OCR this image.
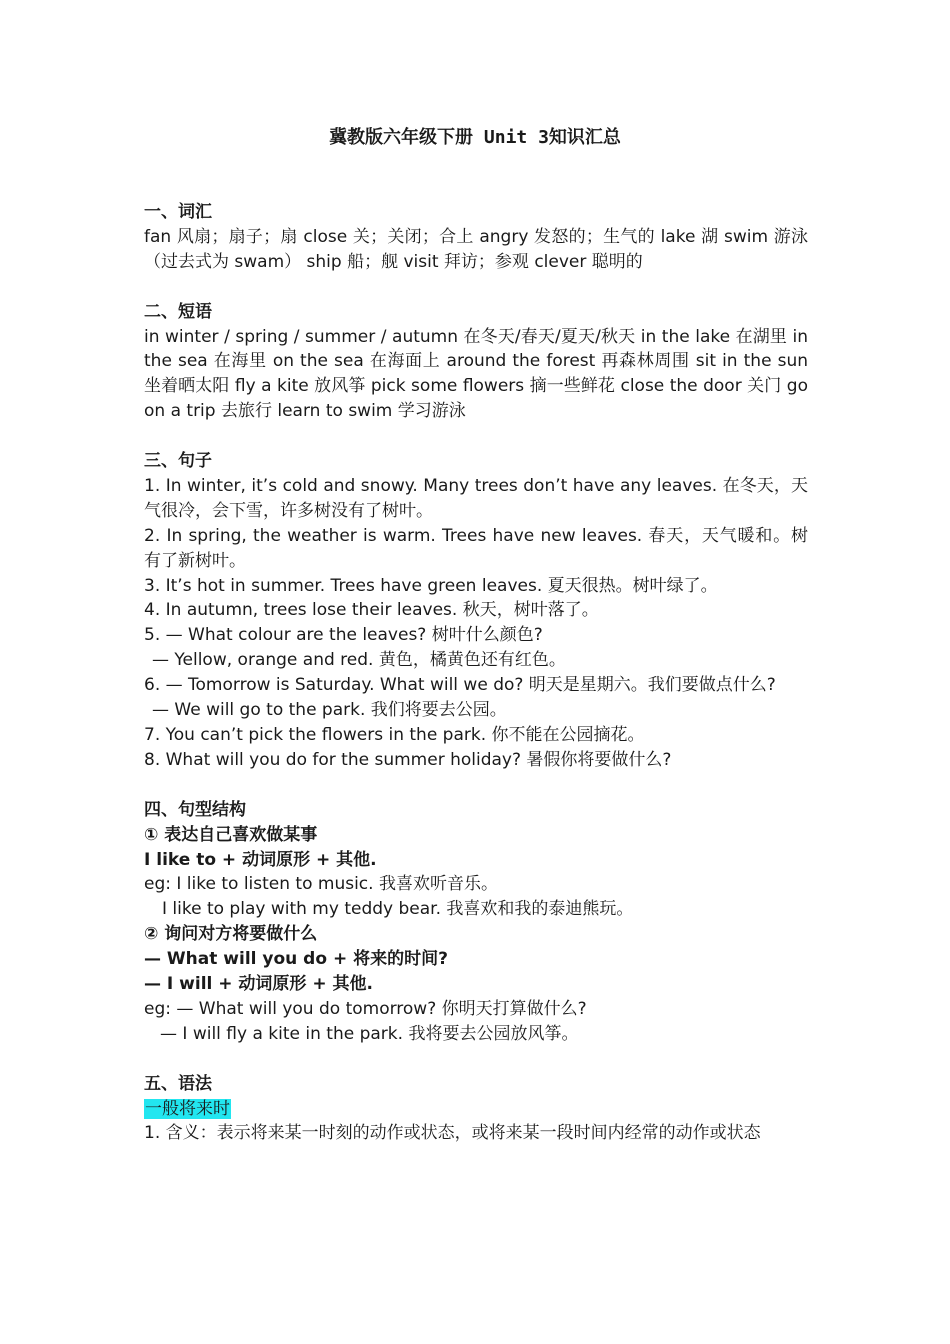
冀教版六年级下册 Unit 3知识汇总
一、词汇
fan 风扇；扇子；扇 close 关；关闭；合上 angry 发怒的；生气的 lake 湖 swim 游泳（过去式为 swam） ship 船；舰 visit 拜访；参观 clever 聪明的
二、短语
in winter / spring / summer / autumn 在冬天/春天/夏天/秋天 in the lake 在湖里 in the sea 在海里 on the sea 在海面上 around the forest 再森林周围 sit in the sun 坐着晒太阳 fly a kite 放风筝 pick some flowers 摘一些鲜花 close the door 关门 go on a trip 去旅行 learn to swim 学习游泳
三、句子
1. In winter, it’s cold and snowy. Many trees don’t have any leaves. 在冬天，天气很冷，会下雪，许多树没有了树叶。
2. In spring, the weather is warm. Trees have new leaves. 春天，天气暖和。树有了新树叶。
3. It’s hot in summer. Trees have green leaves. 夏天很热。树叶绿了。
4. In autumn, trees lose their leaves. 秋天，树叶落了。
5. — What colour are the leaves? 树叶什么颜色?
— Yellow, orange and red. 黄色，橘黄色还有红色。
6. — Tomorrow is Saturday. What will we do? 明天是星期六。我们要做点什么?
— We will go to the park. 我们将要去公园。
7. You can’t pick the flowers in the park. 你不能在公园摘花。
8. What will you do for the summer holiday? 暑假你将要做什么?
四、句型结构
① 表达自己喜欢做某事
I like to + 动词原形 + 其他.
eg: I like to listen to music. 我喜欢听音乐。
I like to play with my teddy bear. 我喜欢和我的泰迪熊玩。
② 询问对方将要做什么
— What will you do + 将来的时间?
— I will + 动词原形 + 其他.
eg: — What will you do tomorrow? 你明天打算做什么?
— I will fly a kite in the park. 我将要去公园放风筝。
五、语法
一般将来时
1. 含义：表示将来某一时刻的动作或状态，或将来某一段时间内经常的动作或状态
